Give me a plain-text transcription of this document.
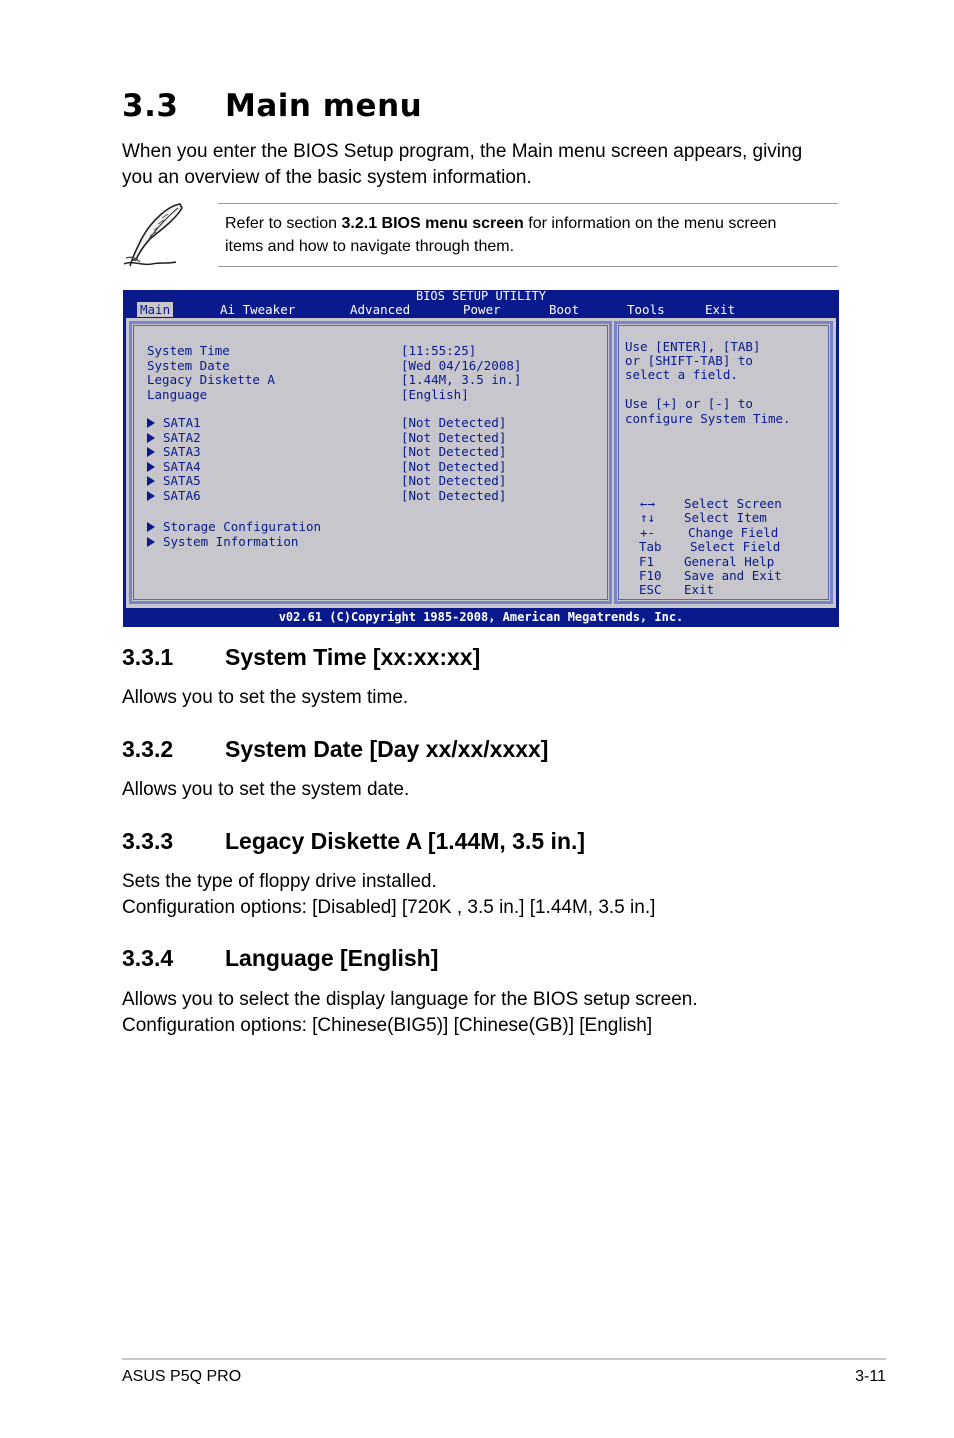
3.3 Main menu
When you enter the BIOS Setup program, the Main menu screen appears, giving
you an overview of the basic system information.
Refer to section 3.2.1 BIOS menu screen for information on the menu screen
items and how to navigate through them.
BIOS SETUP UTILITY
Main	Ai Tweaker	Advanced	Power	Boot	Tools	Exit
System Time	[11:55:25]
System Date	[Wed 04/16/2008]
Legacy Diskette A	[1.44M, 3.5 in.]
Language	[English]
SATA1	[Not Detected]
SATA2	[Not Detected]
SATA3	[Not Detected]
SATA4	[Not Detected]
SATA5	[Not Detected]
SATA6	[Not Detected]
Storage Configuration
System Information
Use [ENTER], [TAB]
or [SHIFT-TAB] to
select a field.
Use [+] or [-] to
configure System Time.
←→ Select Screen
↑↓ Select Item
+-	Change Field
Tab Select Field
F1 General Help
F10 Save and Exit
ESC Exit
v02.61 (C)Copyright 1985-2008, American Megatrends, Inc.
3.3.1 System Time [xx:xx:xx]
Allows you to set the system time.
3.3.2 System Date [Day xx/xx/xxxx]
Allows you to set the system date.
3.3.3 Legacy Diskette A [1.44M, 3.5 in.]
Sets the type of floppy drive installed.
Configuration options: [Disabled] [720K , 3.5 in.] [1.44M, 3.5 in.]
3.3.4 Language [English]
Allows you to select the display language for the BIOS setup screen.
Configuration options: [Chinese(BIG5)] [Chinese(GB)] [English]
ASUS P5Q PRO	3-11
